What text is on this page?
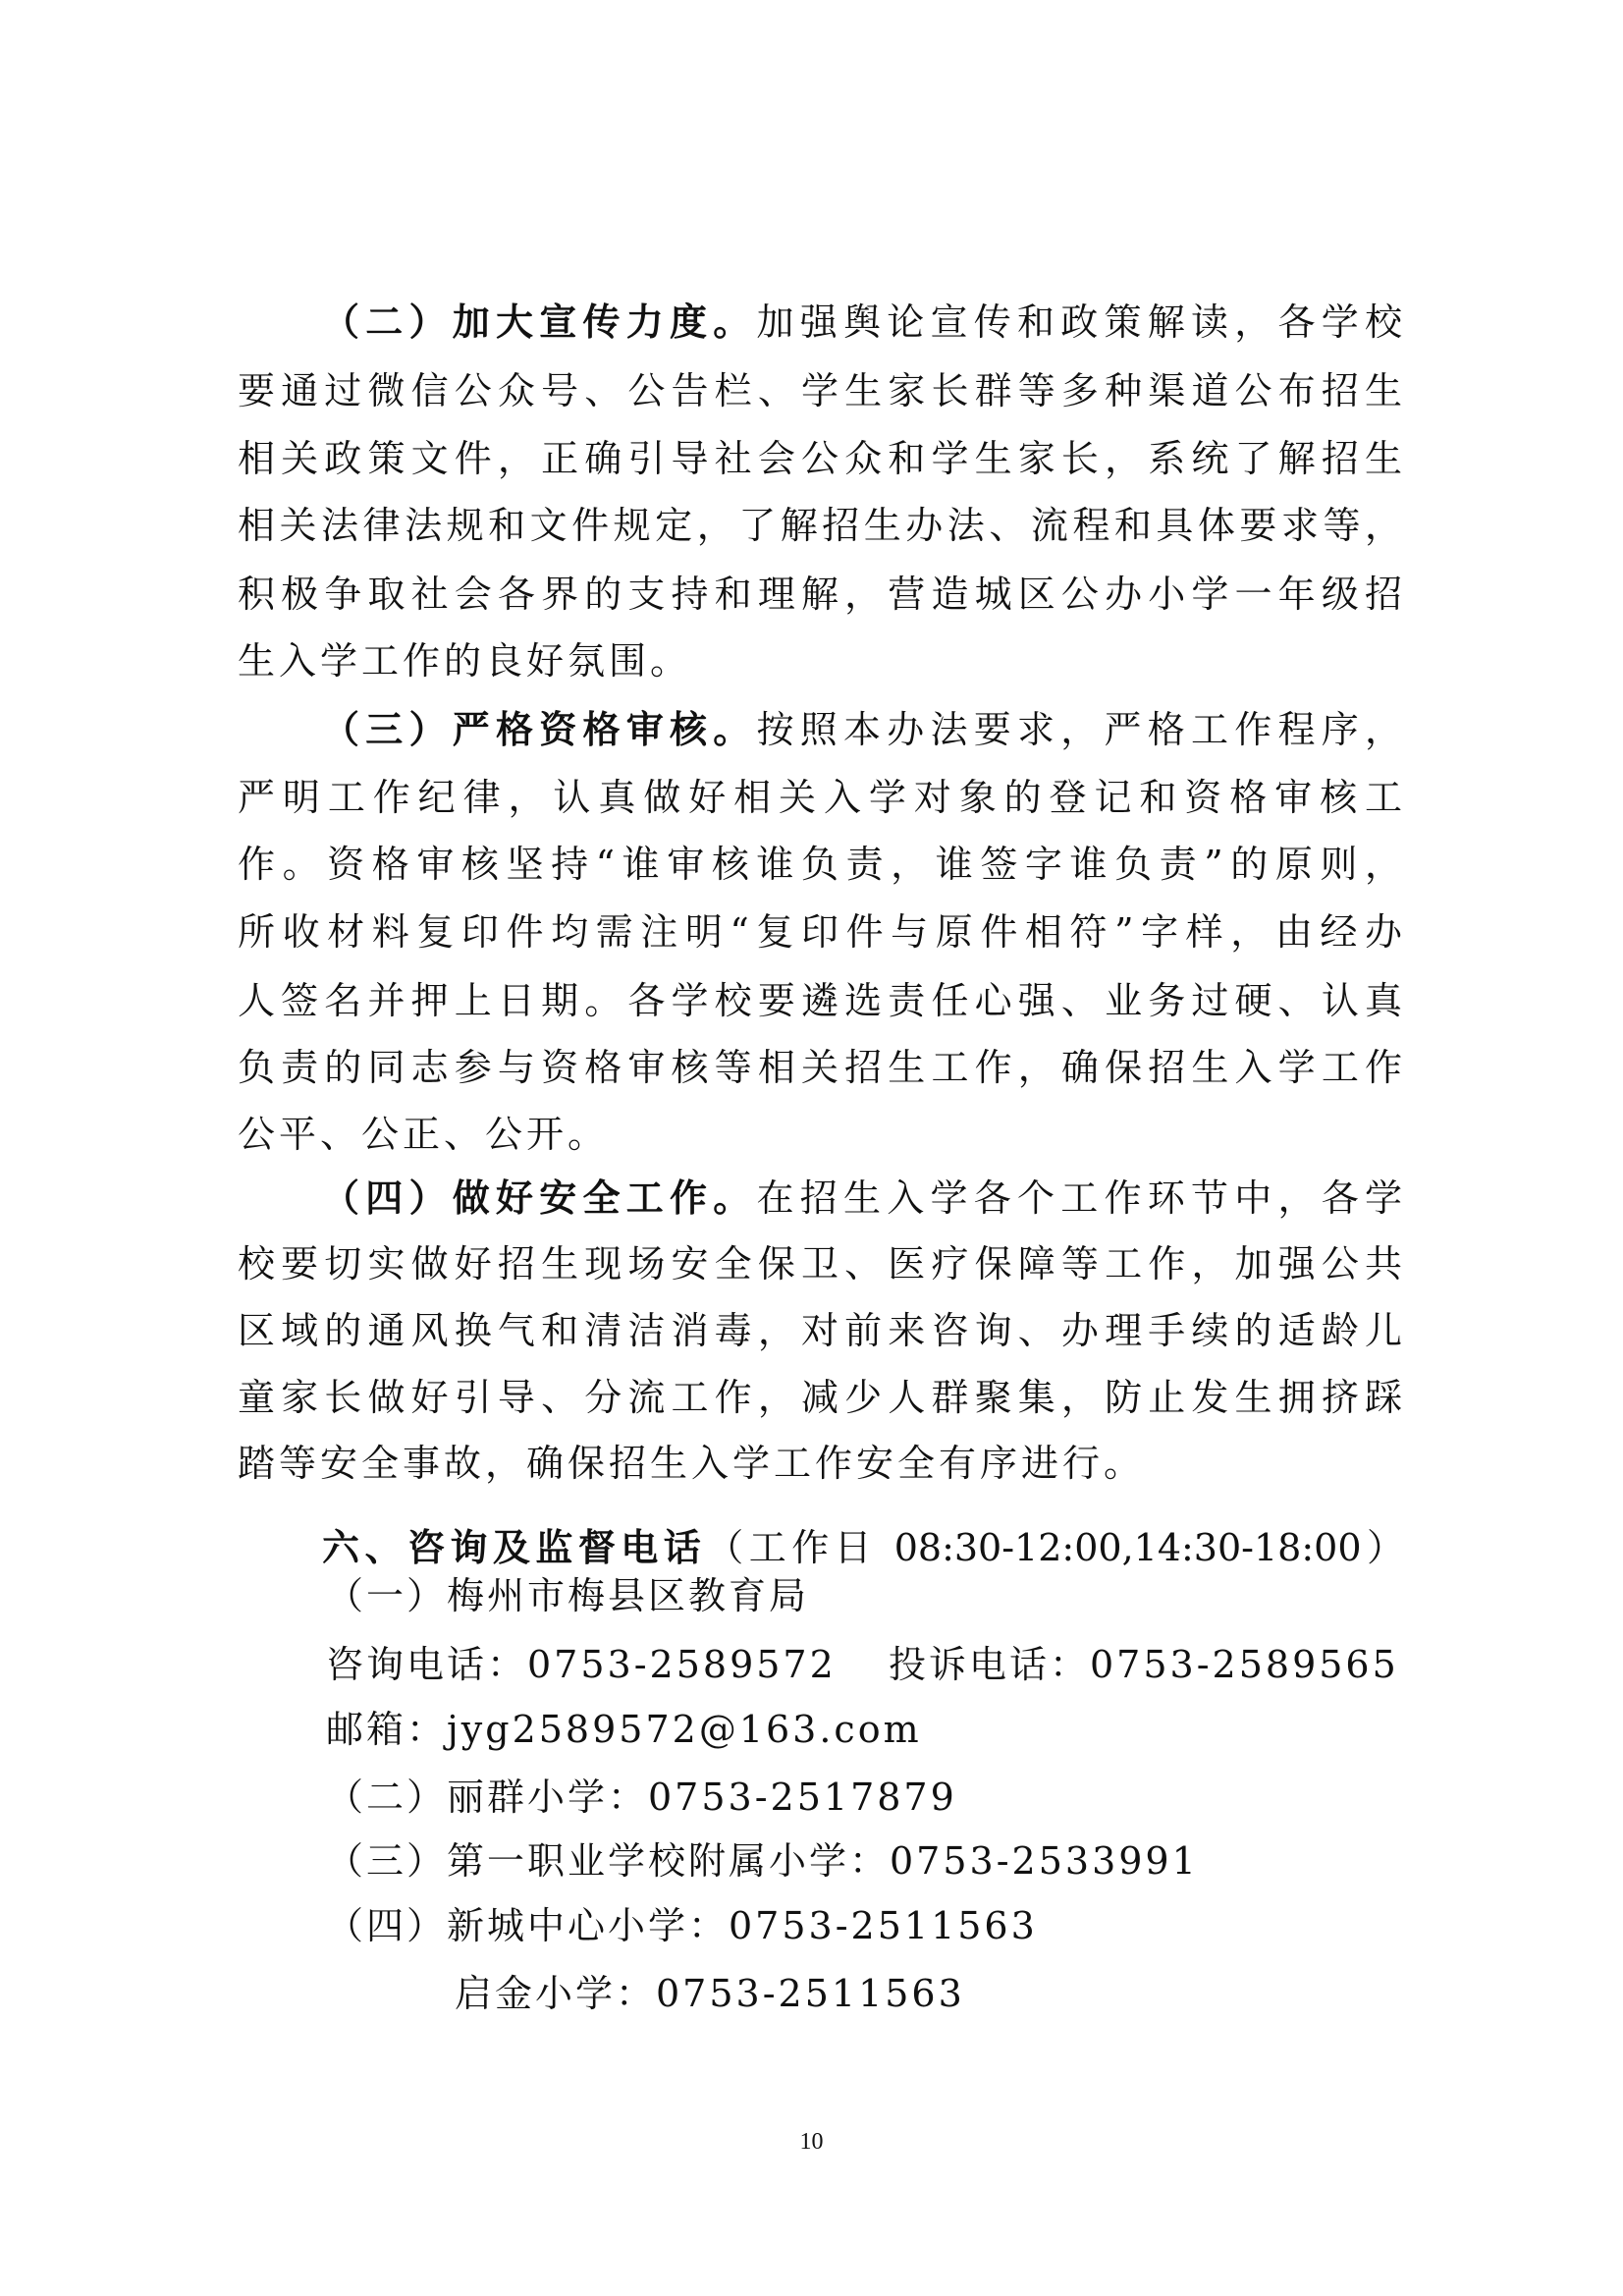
（二）加大宣传力度。加强舆论宣传和政策解读，各学校
要通过微信公众号、公告栏、学生家长群等多种渠道公布招生
相关政策文件，正确引导社会公众和学生家长，系统了解招生
相关法律法规和文件规定，了解招生办法、流程和具体要求等，
积极争取社会各界的支持和理解，营造城区公办小学一年级招
生入学工作的良好氛围。
（三）严格资格审核。按照本办法要求，严格工作程序，
严明工作纪律，认真做好相关入学对象的登记和资格审核工
作。资格审核坚持“谁审核谁负责，谁签字谁负责”的原则，
所收材料复印件均需注明“复印件与原件相符”字样，由经办
人签名并押上日期。各学校要遴选责任心强、业务过硬、认真
负责的同志参与资格审核等相关招生工作，确保招生入学工作
公平、公正、公开。
（四）做好安全工作。在招生入学各个工作环节中，各学
校要切实做好招生现场安全保卫、医疗保障等工作，加强公共
区域的通风换气和清洁消毒，对前来咨询、办理手续的适龄儿
童家长做好引导、分流工作，减少人群聚集，防止发生拥挤踩
踏等安全事故，确保招生入学工作安全有序进行。
六、咨询及监督电话（工作日 08:30-12:00,14:30-18:00）
（一）梅州市梅县区教育局
咨询电话：0753-2589572 投诉电话：0753-2589565
邮箱：jyg2589572@163.com
（二）丽群小学：0753-2517879
（三）第一职业学校附属小学：0753-2533991
（四）新城中心小学：0753-2511563
启金小学：0753-2511563
10
